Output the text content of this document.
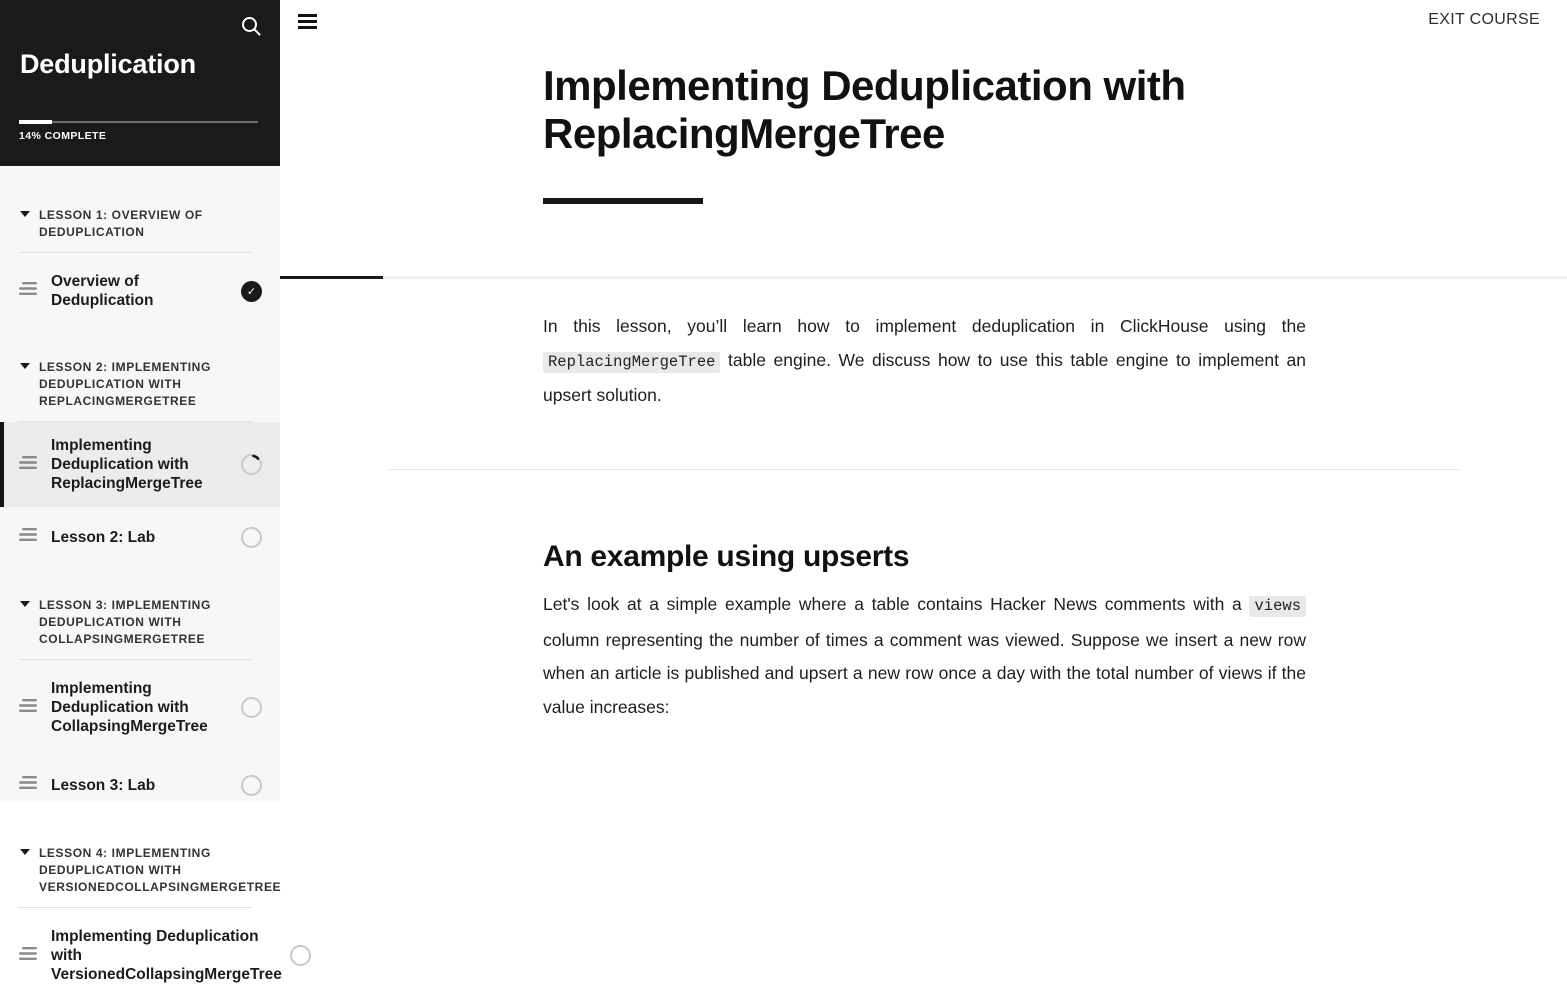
Deduplication
14% COMPLETE
LESSON 1: OVERVIEW OF DEDUPLICATION
Overview of Deduplication
✓
LESSON 2: IMPLEMENTING DEDUPLICATION WITH REPLACINGMERGETREE
Implementing Deduplication with ReplacingMergeTree
Lesson 2: Lab
LESSON 3: IMPLEMENTING DEDUPLICATION WITH COLLAPSINGMERGETREE
Implementing Deduplication with CollapsingMergeTree
Lesson 3: Lab
LESSON 4: IMPLEMENTING DEDUPLICATION WITH VERSIONEDCOLLAPSINGMERGETREE
Implementing Deduplication with VersionedCollapsingMergeTree
EXIT COURSE
Implementing Deduplication with ReplacingMergeTree

In this lesson, you’ll learn how to implement deduplication in ClickHouse using the ReplacingMergeTree table engine. We discuss how to use this table engine to implement an upsert solution.

An example using upserts

Let's look at a simple example where a table contains Hacker News comments with a views column representing the number of times a comment was viewed. Suppose we insert a new row when an article is published and upsert a new row once a day with the total number of views if the value increases:
